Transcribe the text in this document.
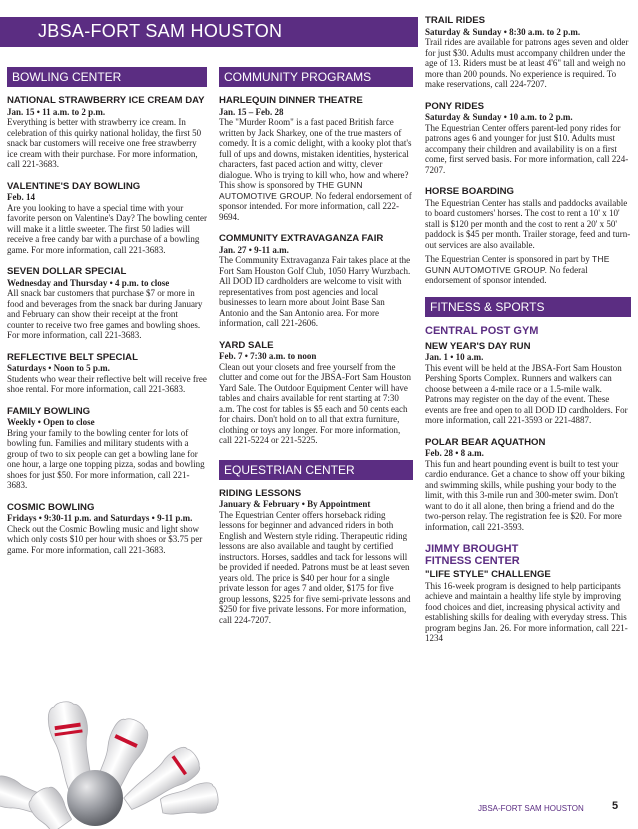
JBSA-FORT SAM HOUSTON
BOWLING CENTER
NATIONAL STRAWBERRY ICE CREAM DAY
Jan. 15 • 11 a.m. to 2 p.m.
Everything is better with strawberry ice cream. In celebration of this quirky national holiday, the first 50 snack bar customers will receive one free strawberry ice cream with their purchase. For more information, call 221-3683.
VALENTINE'S DAY BOWLING
Feb. 14
Are you looking to have a special time with your favorite person on Valentine's Day? The bowling center will make it a little sweeter. The first 50 ladies will receive a free candy bar with a purchase of a bowling game. For more information, call 221-3683.
SEVEN DOLLAR SPECIAL
Wednesday and Thursday • 4 p.m. to close
All snack bar customers that purchase $7 or more in food and beverages from the snack bar during January and February can show their receipt at the front counter to receive two free games and bowling shoes. For more information, call 221-3683.
REFLECTIVE BELT SPECIAL
Saturdays • Noon to 5 p.m.
Students who wear their reflective belt will receive free shoe rental. For more information, call 221-3683.
FAMILY BOWLING
Weekly • Open to close
Bring your family to the bowling center for lots of bowling fun. Families and military students with a group of two to six people can get a bowling lane for one hour, a large one topping pizza, sodas and bowling shoes for just $50. For more information, call 221-3683.
COSMIC BOWLING
Fridays • 9:30-11 p.m. and Saturdays • 9-11 p.m.
Check out the Cosmic Bowling music and light show which only costs $10 per hour with shoes or $3.75 per game. For more information, call 221-3683.
COMMUNITY PROGRAMS
HARLEQUIN DINNER THEATRE
Jan. 15 – Feb. 28
The "Murder Room" is a fast paced British farce written by Jack Sharkey, one of the true masters of comedy. It is a comic delight, with a kooky plot that's full of ups and downs, mistaken identities, hysterical characters, fast paced action and witty, clever dialogue. Who is trying to kill who, how and where? This show is sponsored by THE GUNN AUTOMOTIVE GROUP. No federal endorsement of sponsor intended. For more information, call 222-9694.
COMMUNITY EXTRAVAGANZA FAIR
Jan. 27 • 9-11 a.m.
The Community Extravaganza Fair takes place at the Fort Sam Houston Golf Club, 1050 Harry Wurzbach. All DOD ID cardholders are welcome to visit with representatives from post agencies and local businesses to learn more about Joint Base San Antonio and the San Antonio area. For more information, call 221-2606.
YARD SALE
Feb. 7 • 7:30 a.m. to noon
Clean out your closets and free yourself from the clutter and come out for the JBSA-Fort Sam Houston Yard Sale. The Outdoor Equipment Center will have tables and chairs available for rent starting at 7:30 a.m. The cost for tables is $5 each and 50 cents each for chairs. Don't hold on to all that extra furniture, clothing or toys any longer. For more information, call 221-5224 or 221-5225.
EQUESTRIAN CENTER
RIDING LESSONS
January & February • By Appointment
The Equestrian Center offers horseback riding lessons for beginner and advanced riders in both English and Western style riding. Therapeutic riding lessons are also available and taught by certified instructors. Horses, saddles and tack for lessons will be provided if needed. Patrons must be at least seven years old. The price is $40 per hour for a single private lesson for ages 7 and older, $175 for five group lessons, $225 for five semi-private lessons and $250 for five private lessons. For more information, call 224-7207.
TRAIL RIDES
Saturday & Sunday • 8:30 a.m. to 2 p.m.
Trail rides are available for patrons ages seven and older for just $30. Adults must accompany children under the age of 13. Riders must be at least 4'6" tall and weigh no more than 200 pounds. No experience is required. To make reservations, call 224-7207.
PONY RIDES
Saturday & Sunday • 10 a.m. to 2 p.m.
The Equestrian Center offers parent-led pony rides for patrons ages 6 and younger for just $10. Adults must accompany their children and availability is on a first come, first served basis. For more information, call 224-7207.
HORSE BOARDING
The Equestrian Center has stalls and paddocks available to board customers' horses. The cost to rent a 10' x 10' stall is $120 per month and the cost to rent a 20' x 50' paddock is $45 per month. Trailer storage, feed and turn-out services are also available.
The Equestrian Center is sponsored in part by THE GUNN AUTOMOTIVE GROUP. No federal endorsement of sponsor intended.
FITNESS & SPORTS
CENTRAL POST GYM
NEW YEAR'S DAY RUN
Jan. 1 • 10 a.m.
This event will be held at the JBSA-Fort Sam Houston Pershing Sports Complex. Runners and walkers can choose between a 4-mile race or a 1.5-mile walk. Patrons may register on the day of the event. These events are free and open to all DOD ID cardholders. For more information, call 221-3593 or 221-4887.
POLAR BEAR AQUATHON
Feb. 28 • 8 a.m.
This fun and heart pounding event is built to test your cardio endurance. Get a chance to show off your biking and swimming skills, while pushing your body to the limit, with this 3-mile run and 300-meter swim. Don't want to do it all alone, then bring a friend and do the two-person relay. The registration fee is $20. For more information, call 221-3593.
JIMMY BROUGHT
FITNESS CENTER
"LIFE STYLE" CHALLENGE
This 16-week program is designed to help participants achieve and maintain a healthy life style by improving food choices and diet, increasing physical activity and establishing skills for dealing with everyday stress. This program begins Jan. 26. For more information, call 221-1234
JBSA-FORT SAM HOUSTON	5
